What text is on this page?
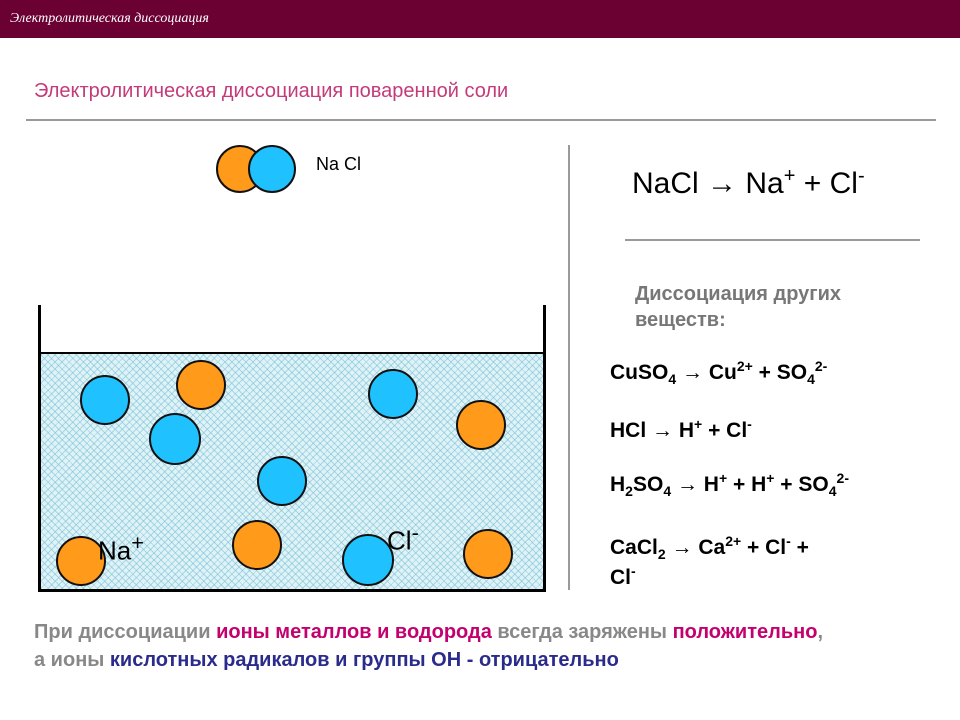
Электролитическая диссоциация
Электролитическая диссоциация поваренной соли
Na Cl
Na+	Cl-
NaCl → Na+ + Cl-
Диссоциация других веществ:
CuSO$_4$ → $Cu^{2+} + SO_4^{2-}$
HCl → H+ + Cl-
$H_2SO_4 \to H^+ + H^+ + SO_4^{2-}$
CaCl$_2$ → $Ca^{2+} + Cl^-$ +
Cl-
При диссоциации ионы металлов и водорода всегда заряжены положительно, а ионы кислотных радикалов и группы ОН - отрицательно
